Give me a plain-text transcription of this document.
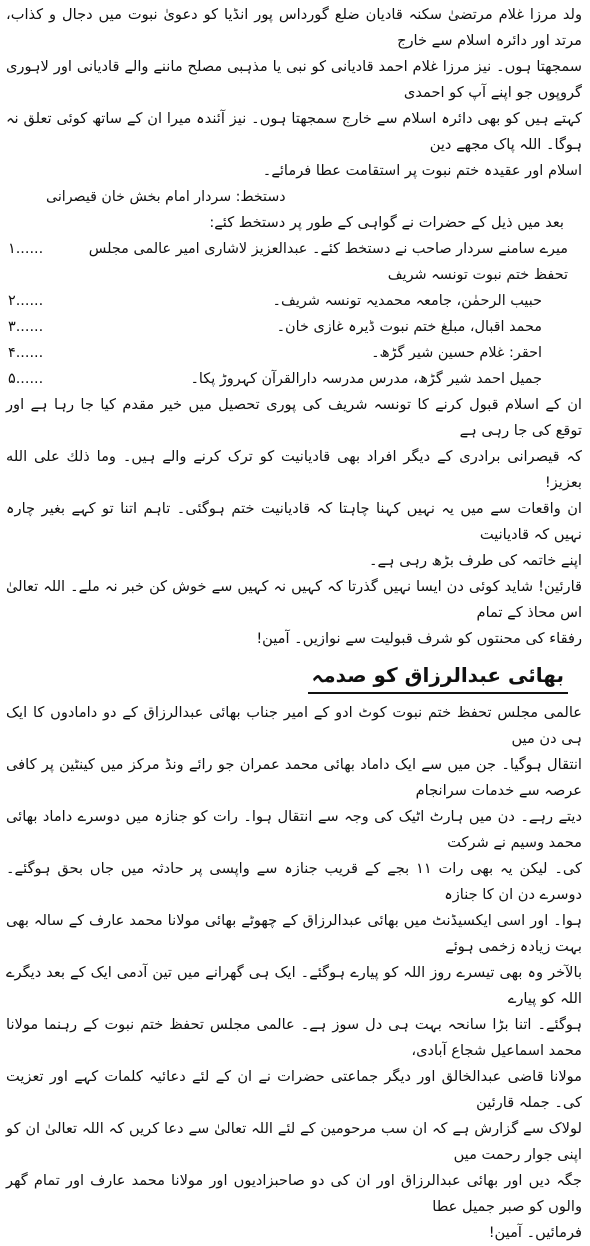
ولد مرزا غلام مرتضیٰ سکنہ قادیان ضلع گورداس پور انڈیا کو دعویٰ نبوت میں دجال و کذاب، مرتد اور دائرہ اسلام سے خارج

سمجھتا ہوں۔ نیز مرزا غلام احمد قادیانی کو نبی یا مذہبی مصلح ماننے والے قادیانی اور لاہوری گروپوں جو اپنے آپ کو احمدی

کہتے ہیں کو بھی دائرہ اسلام سے خارج سمجھتا ہوں۔ نیز آئندہ میرا ان کے ساتھ کوئی تعلق نہ ہوگا۔ اللہ پاک مجھے دین

اسلام اور عقیدہ ختم نبوت پر استقامت عطا فرمائے۔

دستخط: سردار امام بخش خان قیصرانی
بعد میں ذیل کے حضرات نے گواہی کے طور پر دستخط کئے:
میرے سامنے سردار صاحب نے دستخط کئے۔ عبدالعزیز لاشاری امیر عالمی مجلس تحفظ ختم نبوت تونسہ شریف
۱......
حبیب الرحمٰن، جامعہ محمدیہ تونسہ شریف۔
۲......
محمد اقبال، مبلغ ختم نبوت ڈیرہ غازی خان۔
۳......
احقر: غلام حسین شیر گڑھ۔
۴......
جمیل احمد شیر گڑھ، مدرس مدرسہ دارالقرآن کہروڑ پکا۔
۵......

ان کے اسلام قبول کرنے کا تونسہ شریف کی پوری تحصیل میں خیر مقدم کیا جا رہا ہے اور توقع کی جا رہی ہے

کہ قیصرانی برادری کے دیگر افراد بھی قادیانیت کو ترک کرنے والے ہیں۔ وما ذلك على الله بعزيز!

ان واقعات سے میں یہ نہیں کہنا چاہتا کہ قادیانیت ختم ہوگئی۔ تاہم اتنا تو کہے بغیر چارہ نہیں کہ قادیانیت

اپنے خاتمہ کی طرف بڑھ رہی ہے۔

قارئین! شاید کوئی دن ایسا نہیں گذرتا کہ کہیں نہ کہیں سے خوش کن خبر نہ ملے۔ اللہ تعالیٰ اس محاذ کے تمام

رفقاء کی محنتوں کو شرف قبولیت سے نوازیں۔ آمین!

بھائی عبدالرزاق کو صدمہ

عالمی مجلس تحفظ ختم نبوت کوٹ ادو کے امیر جناب بھائی عبدالرزاق کے دو دامادوں کا ایک ہی دن میں

انتقال ہوگیا۔ جن میں سے ایک داماد بھائی محمد عمران جو رائے ونڈ مرکز میں کینٹین پر کافی عرصہ سے خدمات سرانجام

دیتے رہے۔ دن میں ہارٹ اٹیک کی وجہ سے انتقال ہوا۔ رات کو جنازہ میں دوسرے داماد بھائی محمد وسیم نے شرکت

کی۔ لیکن یہ بھی رات ۱۱ بجے کے قریب جنازہ سے واپسی پر حادثہ میں جاں بحق ہوگئے۔ دوسرے دن ان کا جنازہ

ہوا۔ اور اسی ایکسیڈنٹ میں بھائی عبدالرزاق کے چھوٹے بھائی مولانا محمد عارف کے سالہ بھی بہت زیادہ زخمی ہوئے

بالآخر وہ بھی تیسرے روز اللہ کو پیارے ہوگئے۔ ایک ہی گھرانے میں تین آدمی ایک کے بعد دیگرے اللہ کو پیارے

ہوگئے۔ اتنا بڑا سانحہ بہت ہی دل سوز ہے۔ عالمی مجلس تحفظ ختم نبوت کے رہنما مولانا محمد اسماعیل شجاع آبادی،

مولانا قاضی عبدالخالق اور دیگر جماعتی حضرات نے ان کے لئے دعائیہ کلمات کہے اور تعزیت کی۔ جملہ قارئین

لولاک سے گزارش ہے کہ ان سب مرحومین کے لئے اللہ تعالیٰ سے دعا کریں کہ اللہ تعالیٰ ان کو اپنی جوار رحمت میں

جگہ دیں اور بھائی عبدالرزاق اور ان کی دو صاحبزادیوں اور مولانا محمد عارف اور تمام گھر والوں کو صبر جمیل عطا

فرمائیں۔ آمین!
